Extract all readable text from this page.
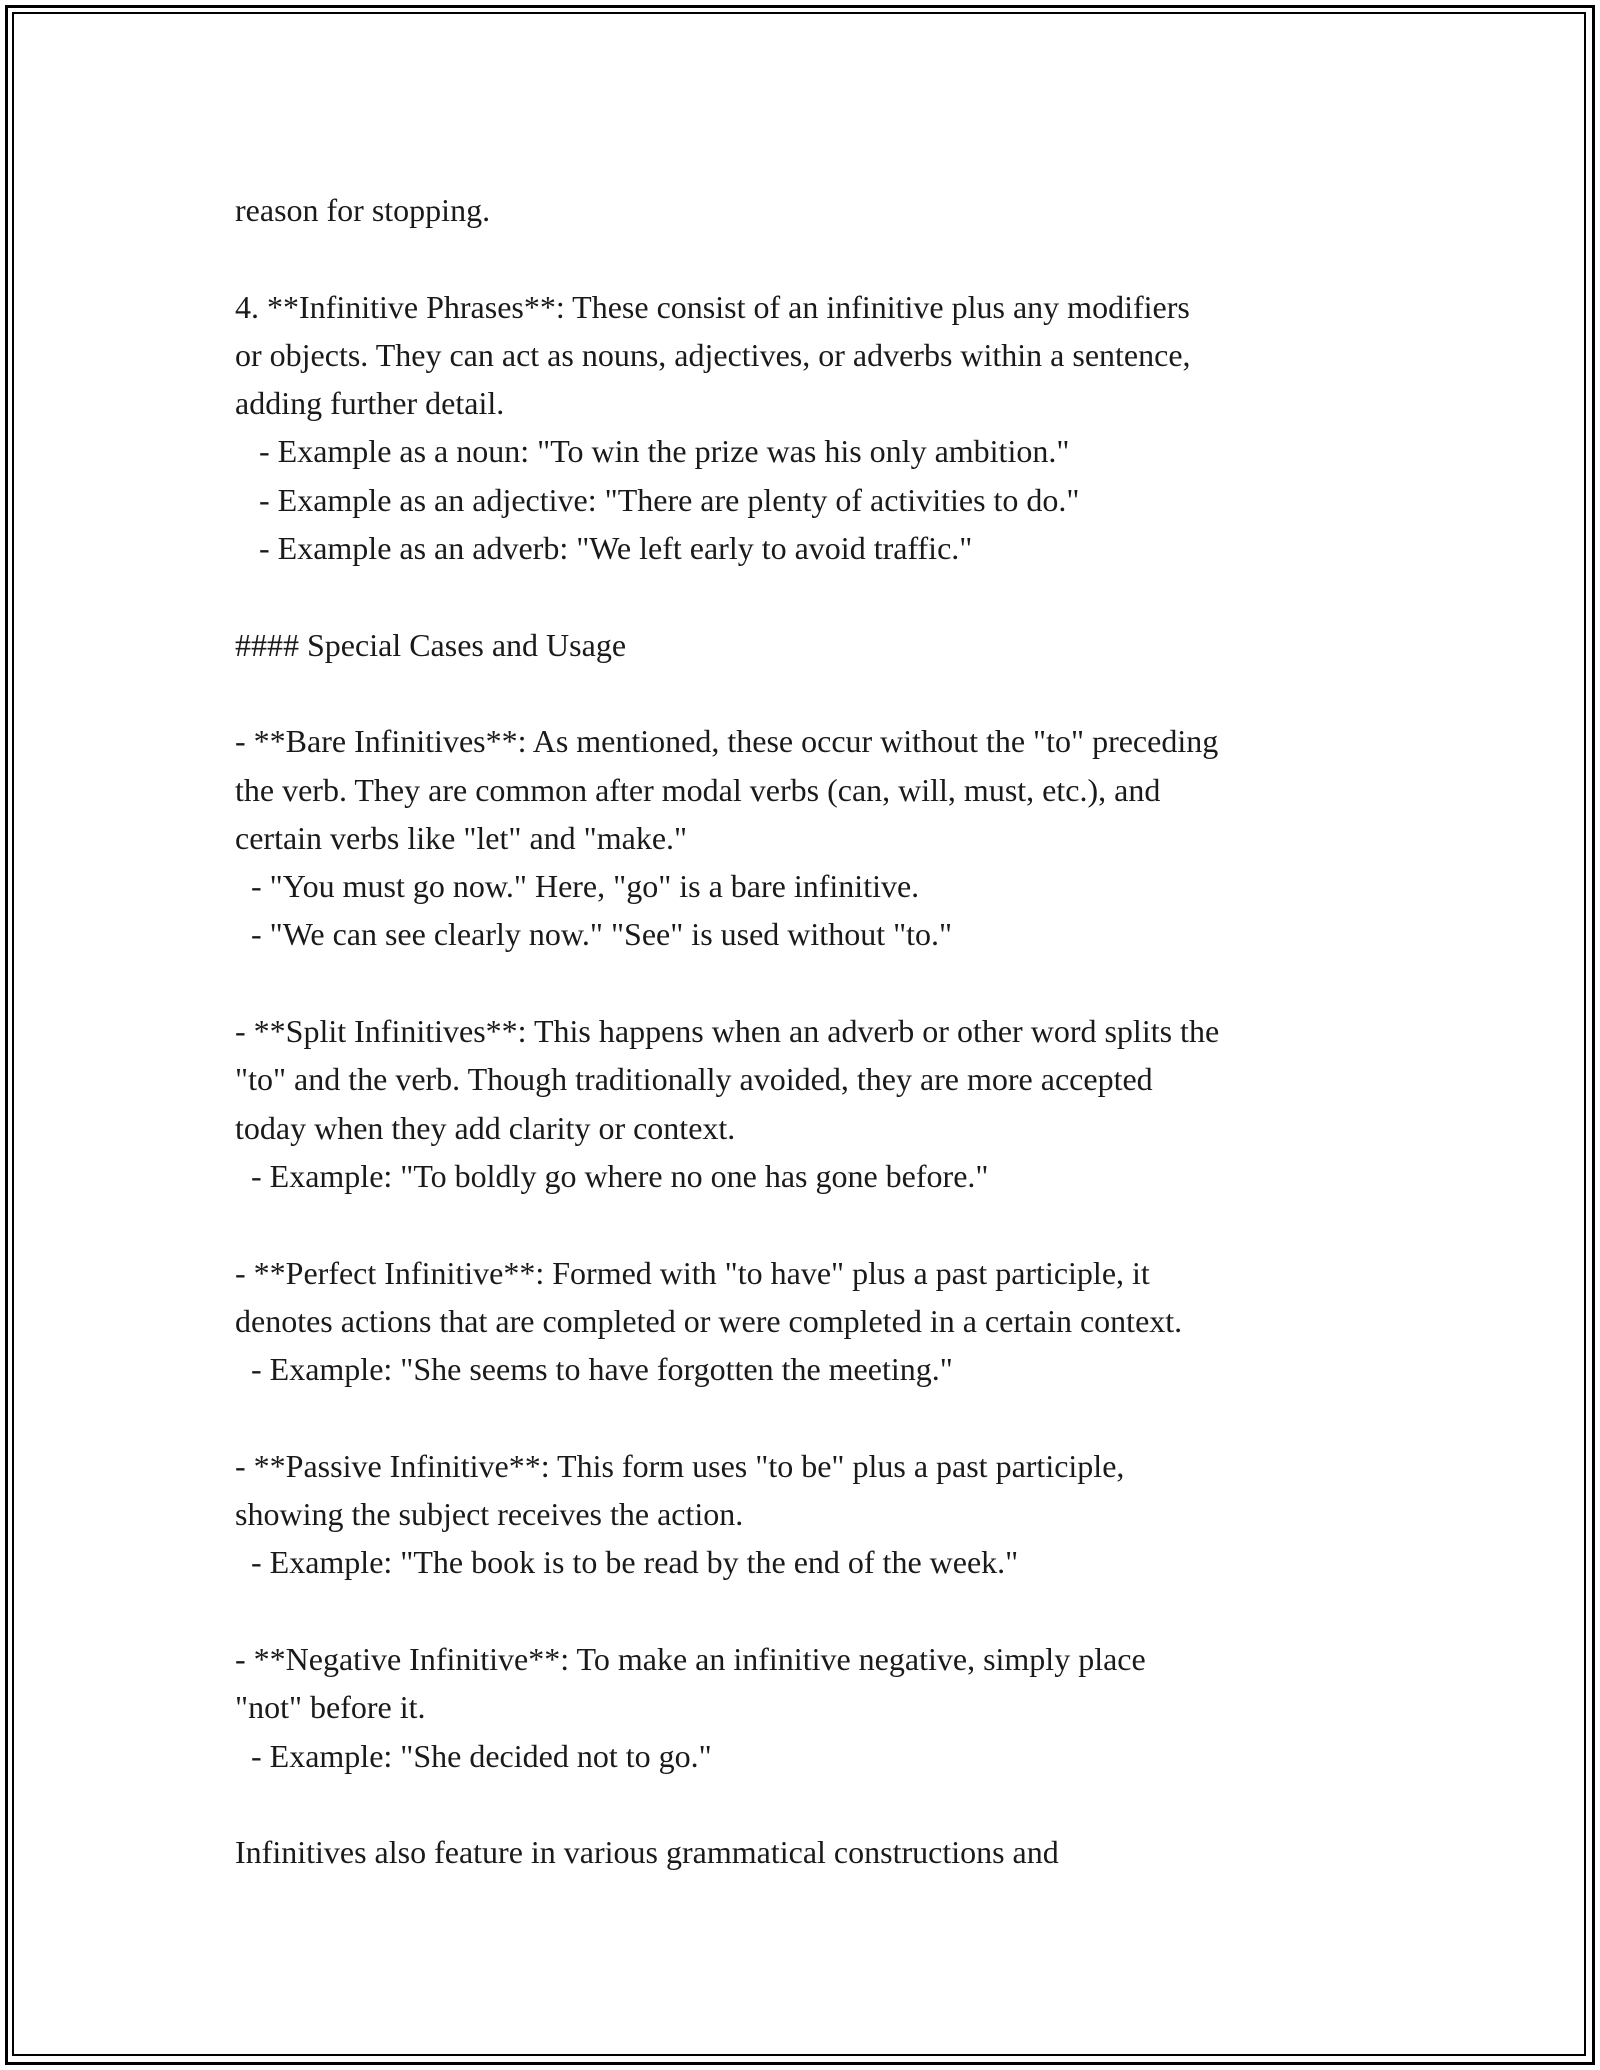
reason for stopping.
4. **Infinitive Phrases**: These consist of an infinitive plus any modifiers
or objects. They can act as nouns, adjectives, or adverbs within a sentence,
adding further detail.
- Example as a noun: "To win the prize was his only ambition."
- Example as an adjective: "There are plenty of activities to do."
- Example as an adverb: "We left early to avoid traffic."
#### Special Cases and Usage
- **Bare Infinitives**: As mentioned, these occur without the "to" preceding
the verb. They are common after modal verbs (can, will, must, etc.), and
certain verbs like "let" and "make."
- "You must go now." Here, "go" is a bare infinitive.
- "We can see clearly now." "See" is used without "to."
- **Split Infinitives**: This happens when an adverb or other word splits the
"to" and the verb. Though traditionally avoided, they are more accepted
today when they add clarity or context.
- Example: "To boldly go where no one has gone before."
- **Perfect Infinitive**: Formed with "to have" plus a past participle, it
denotes actions that are completed or were completed in a certain context.
- Example: "She seems to have forgotten the meeting."
- **Passive Infinitive**: This form uses "to be" plus a past participle,
showing the subject receives the action.
- Example: "The book is to be read by the end of the week."
- **Negative Infinitive**: To make an infinitive negative, simply place
"not" before it.
- Example: "She decided not to go."
Infinitives also feature in various grammatical constructions and
